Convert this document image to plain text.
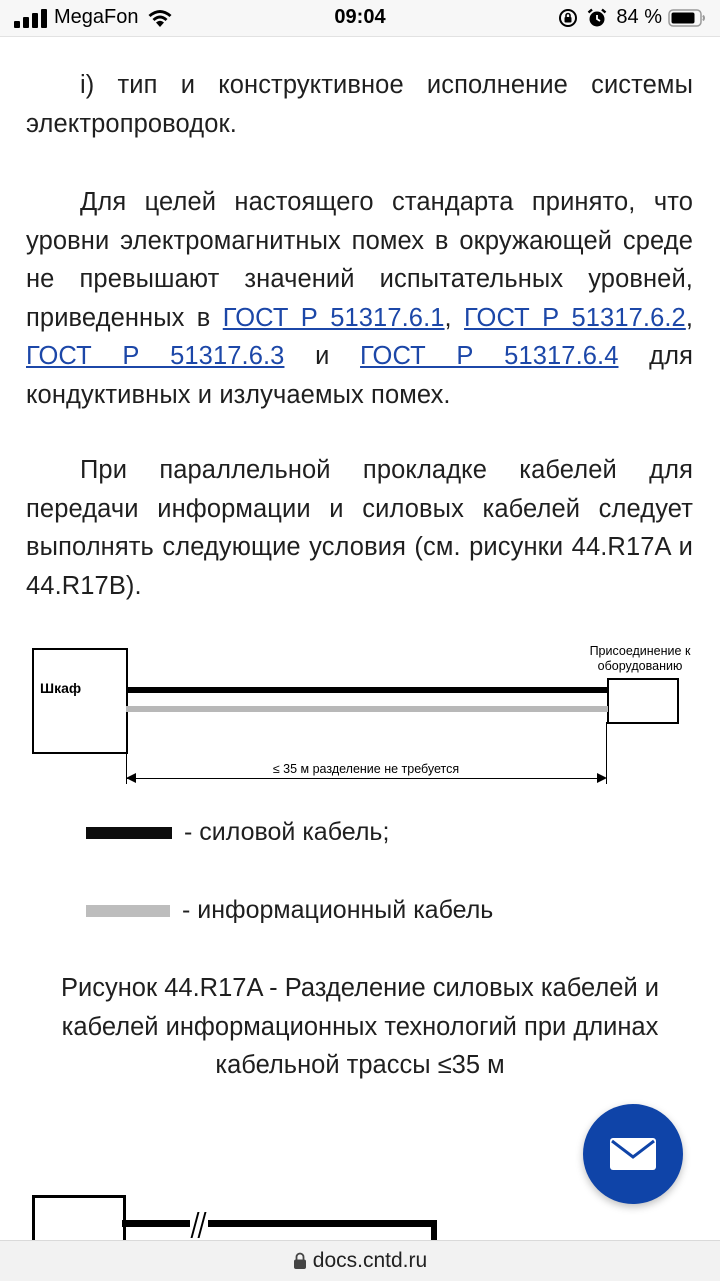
MegaFon	09:04	84 %

i) тип и конструктивное исполнение системы электропроводок.

Для целей настоящего стандарта принято, что уровни электромагнитных помех в окружающей среде не превышают значений испытательных уровней, приведенных в ГОСТ Р 51317.6.1, ГОСТ Р 51317.6.2, ГОСТ Р 51317.6.3 и ГОСТ Р 51317.6.4 для кондуктивных и излучаемых помех.

При параллельной прокладке кабелей для передачи информации и силовых кабелей следует выполнять следующие условия (см. рисунки 44.R17A и 44.R17B).

Шкаф
Присоединение к оборудованию
≤ 35 м разделение не требуется
- силовой кабель;
- информационный кабель
Рисунок 44.R17A - Разделение силовых кабелей и кабелей информационных технологий при длинах кабельной трассы ≤35 м
docs.cntd.ru
